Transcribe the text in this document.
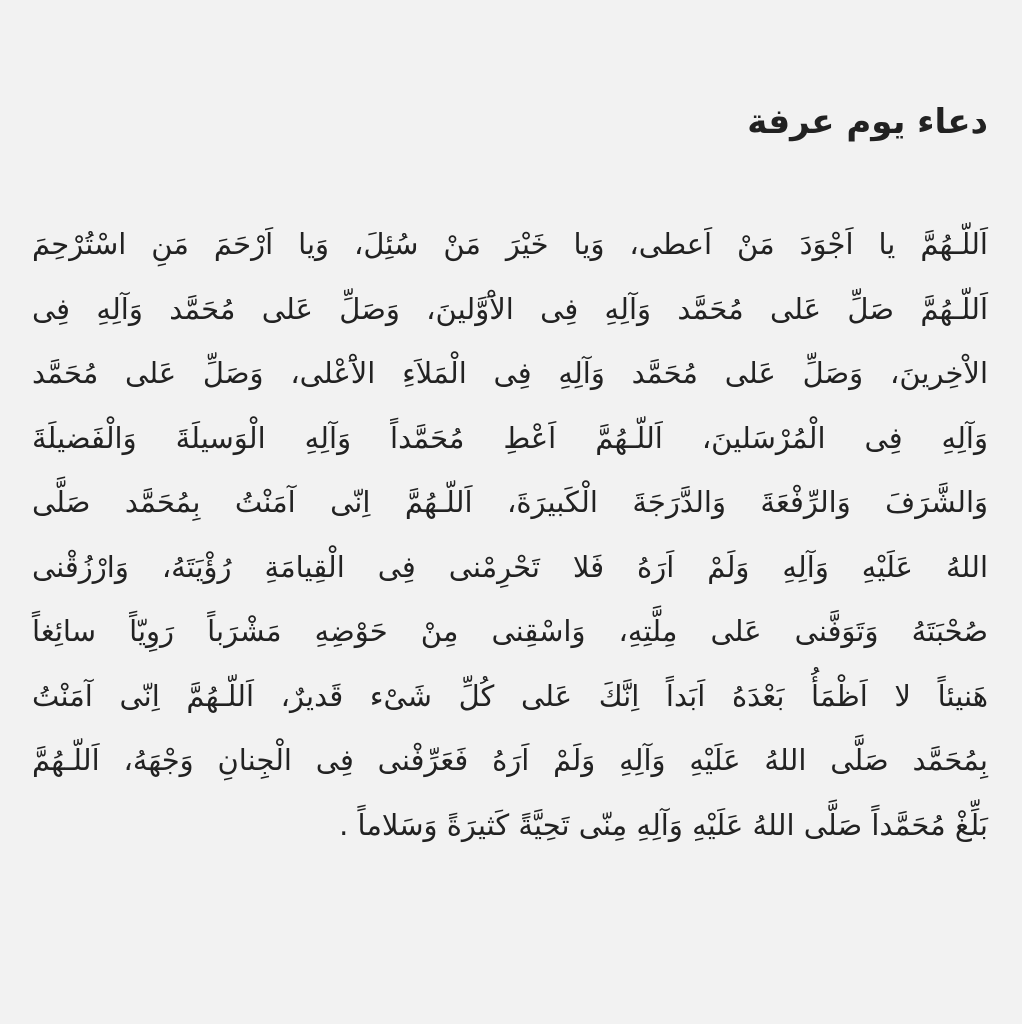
دعاء يوم عرفة
اَللّـهُمَّ يا اَجْوَدَ مَنْ اَعطى، وَيا خَيْرَ مَنْ سُئِلَ، وَيا اَرْحَمَ مَنِ اسْتُرْحِمَ
اَللّـهُمَّ صَلِّ عَلى مُحَمَّد وَآلِهِ فِى الاَْوَّلينَ، وَصَلِّ عَلى مُحَمَّد وَآلِهِ فِى
الاْخِرينَ، وَصَلِّ عَلى مُحَمَّد وَآلِهِ فِى الْمَلاَءِ الاَْعْلى، وَصَلِّ عَلى مُحَمَّد
وَآلِهِ فِى الْمُرْسَلينَ، اَللّـهُمَّ اَعْطِ مُحَمَّداً وَآلِهِ الْوَسيلَةَ وَالْفَضيلَةَ
وَالشَّرَفَ وَالرِّفْعَةَ وَالدَّرَجَةَ الْكَبيرَةَ، اَللّـهُمَّ اِنّى آمَنْتُ بِمُحَمَّد صَلَّى
اللهُ عَلَيْهِ وَآلِهِ وَلَمْ اَرَهُ فَلا تَحْرِمْنى فِى الْقِيامَةِ رُؤْيَتَهُ، وَارْزُقْنى
صُحْبَتَهُ وَتَوَفَّنى عَلى مِلَّتِهِ، وَاسْقِنى مِنْ حَوْضِهِ مَشْرَباً رَوِيّاً سائِغاً
هَنيئاً لا اَظْمَأُ بَعْدَهُ اَبَداً اِنَّكَ عَلى كُلِّ شَىْء قَديرٌ، اَللّـهُمَّ اِنّى آمَنْتُ
بِمُحَمَّد صَلَّى اللهُ عَلَيْهِ وَآلِهِ وَلَمْ اَرَهُ فَعَرِّفْنى فِى الْجِنانِ وَجْهَهُ، اَللّـهُمَّ
بَلِّغْ مُحَمَّداً صَلَّى اللهُ عَلَيْهِ وَآلِهِ مِنّى تَحِيَّةً كَثيرَةً وَسَلاماً .
